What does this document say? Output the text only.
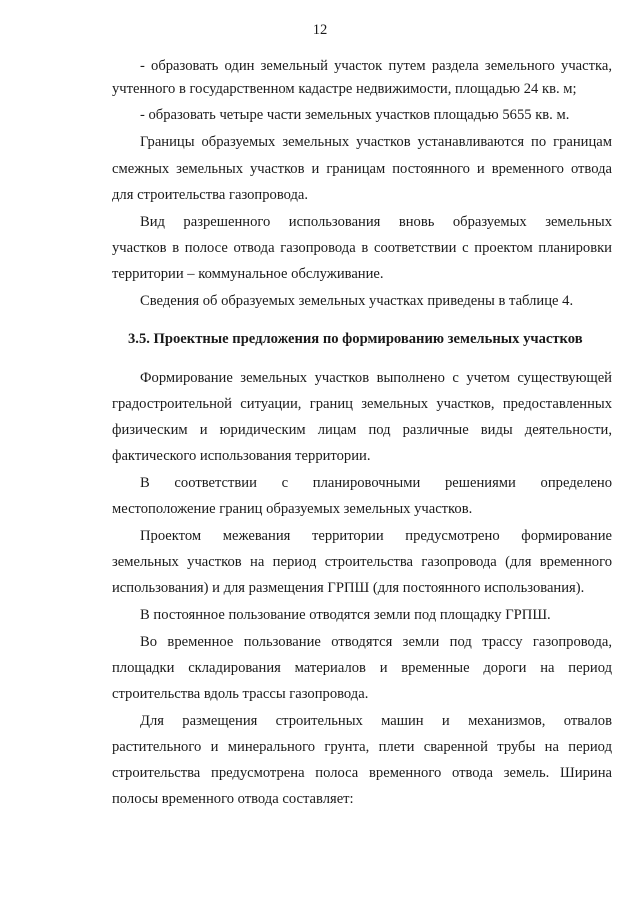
12
- образовать один земельный участок путем раздела земельного участка,
учтенного в государственном кадастре недвижимости, площадью 24 кв. м;
- образовать четыре части земельных участков площадью 5655 кв. м.
Границы образуемых земельных участков устанавливаются по границам
смежных земельных участков и границам постоянного и временного отвода
для строительства газопровода.
Вид разрешенного использования вновь образуемых земельных
участков в полосе отвода газопровода в соответствии с проектом планировки
территории – коммунальное обслуживание.
Сведения об образуемых земельных участках приведены в таблице 4.
3.5. Проектные предложения по формированию земельных участков
Формирование земельных участков выполнено с учетом существующей
градостроительной ситуации, границ земельных участков, предоставленных
физическим и юридическим лицам под различные виды деятельности,
фактического использования территории.
В соответствии с планировочными решениями определено
местоположение границ образуемых земельных участков.
Проектом межевания территории предусмотрено формирование
земельных участков на период строительства газопровода (для временного
использования) и для размещения ГРПШ (для постоянного использования).
В постоянное пользование отводятся земли под площадку ГРПШ.
Во временное пользование отводятся земли под трассу газопровода,
площадки складирования материалов и временные дороги на период
строительства вдоль трассы газопровода.
Для размещения строительных машин и механизмов, отвалов
растительного и минерального грунта, плети сваренной трубы на период
строительства предусмотрена полоса временного отвода земель. Ширина
полосы временного отвода составляет:
